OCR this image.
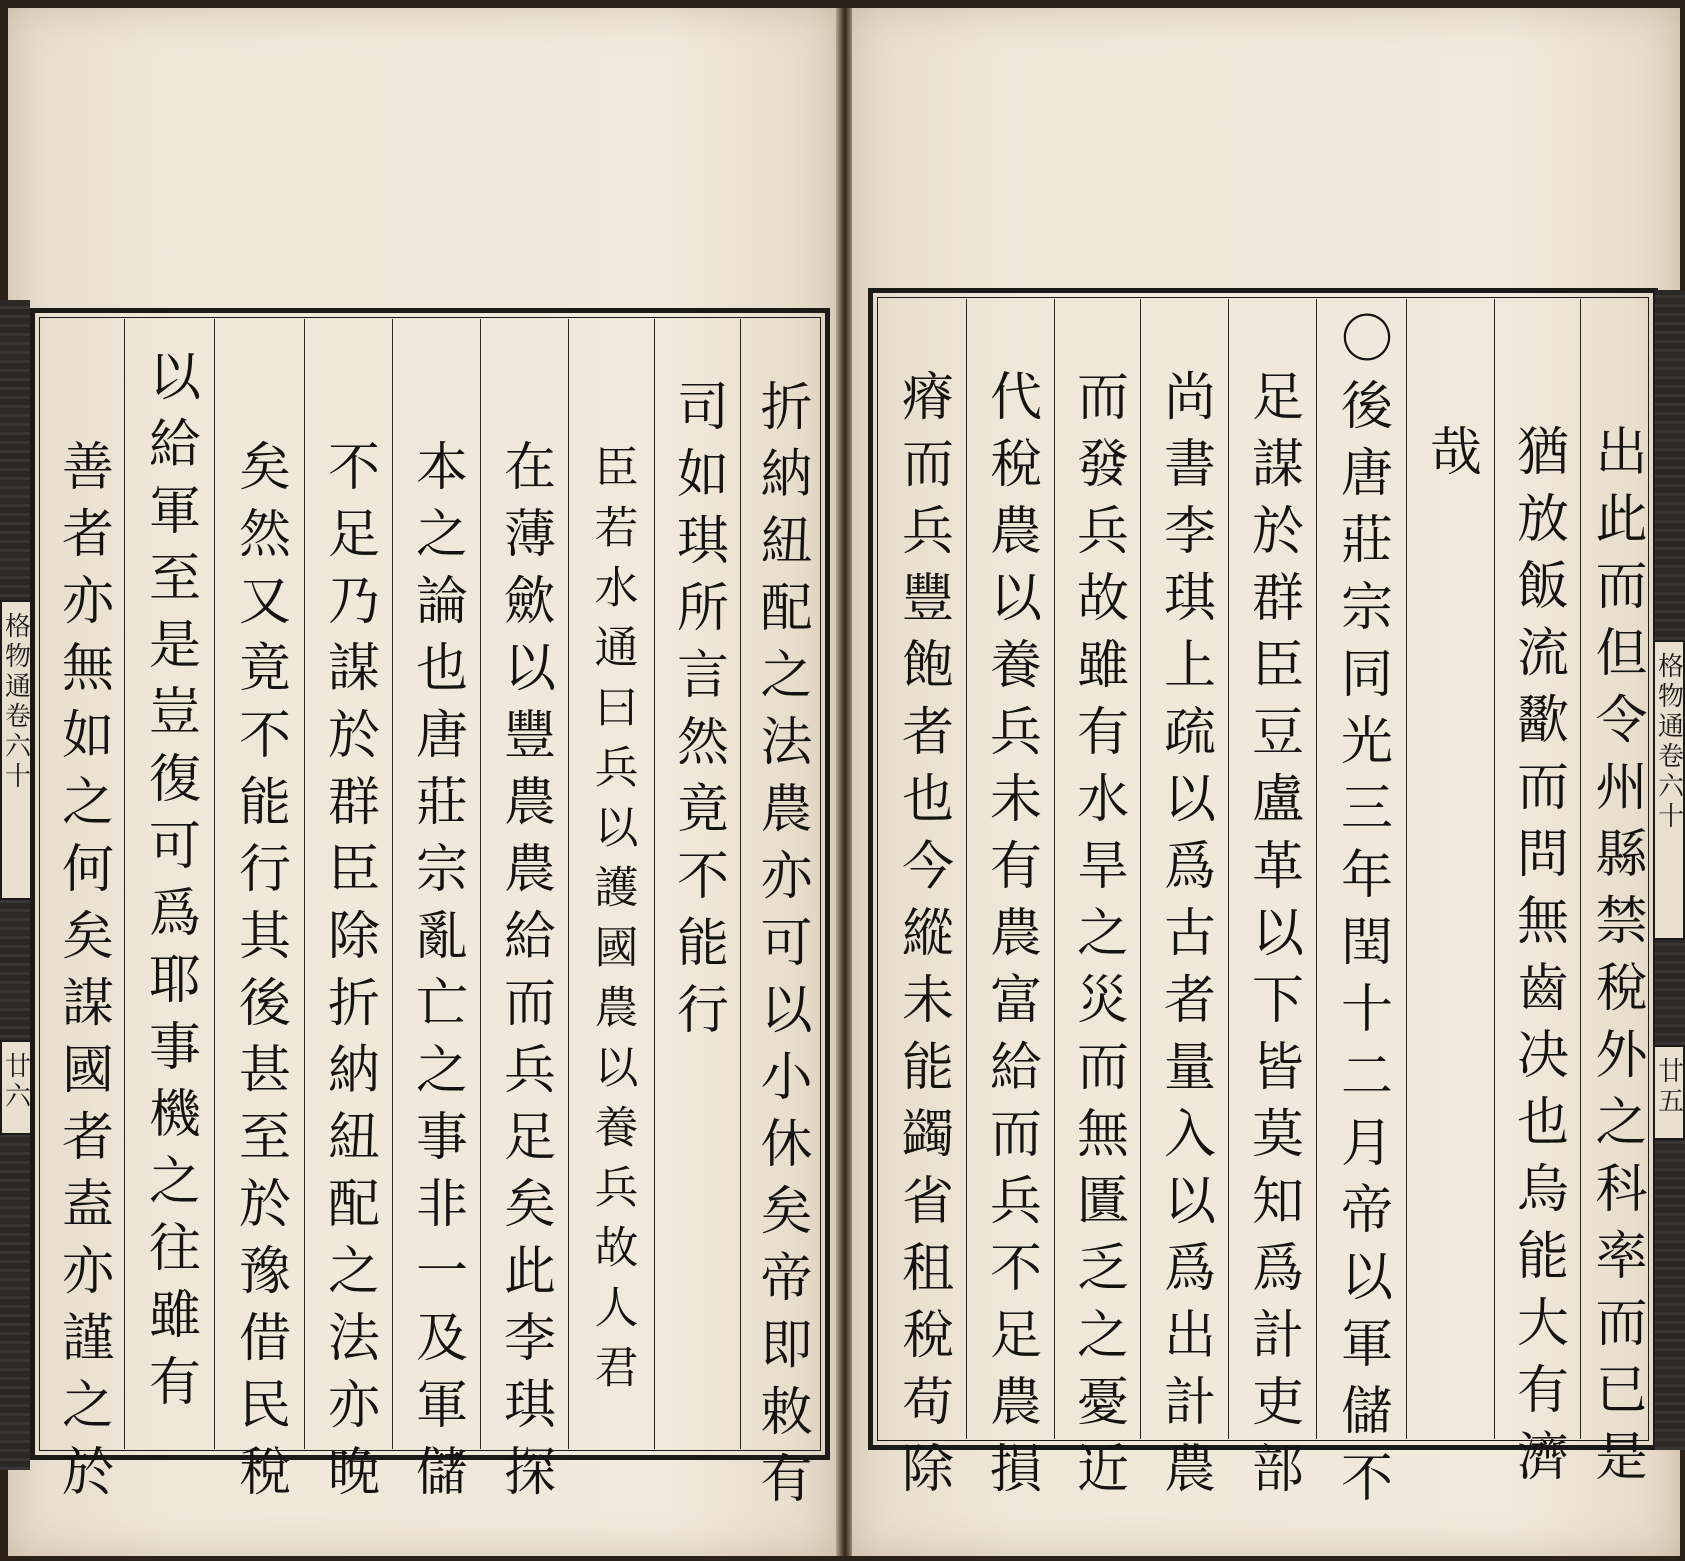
格物通卷六十
廿六 善者亦無如之何矣謀國者盍亦謹之於 以給軍至是豈復可爲耶事機之往雖有 矣然又竟不能行其後甚至於豫借民稅 不足乃謀於群臣除折納紐配之法亦晚 本之論也唐莊宗亂亡之事非一及軍儲 在薄歛以豐農農給而兵足矣此李琪探 臣若水通曰兵以護國農以養兵故人君 司如琪所言然竟不能行 折納紐配之法農亦可以小休矣帝即敕有 瘠而兵豐飽者也今縱未能蠲省租稅苟除 代稅農以養兵未有農富給而兵不足農損 而發兵故雖有水旱之災而無匱乏之憂近 尚書李琪上疏以爲古者量入以爲出計農 足謀於群臣豆盧革以下皆莫知爲計吏部 〇後唐莊宗同光三年閏十二月帝以軍儲不 哉 猶放飯流歠而問無齒决也烏能大有濟 出此而但令州縣禁稅外之科率而已是 格物通卷六十
廿五
